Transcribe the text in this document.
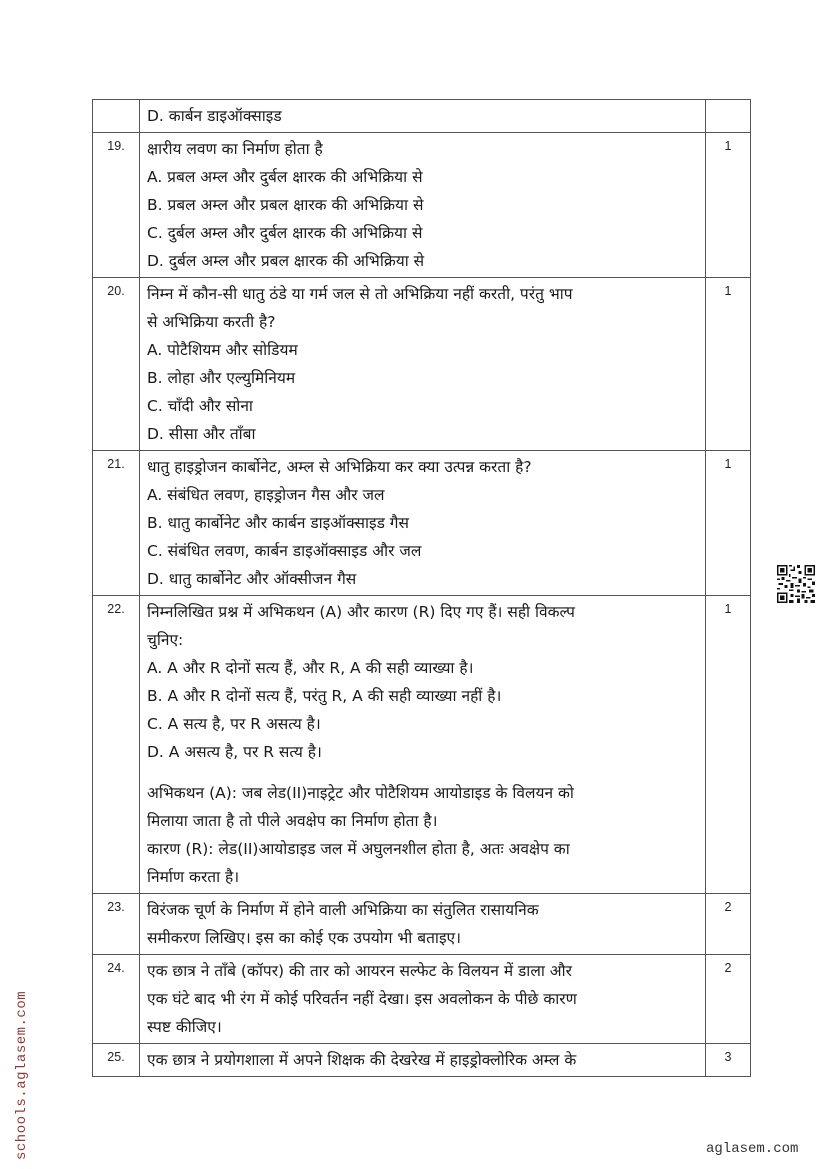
	D. कार्बन डाइऑक्साइड	

19.	क्षारीय लवण का निर्माण होता है
A. प्रबल अम्ल और दुर्बल क्षारक की अभिक्रिया से
B. प्रबल अम्ल और प्रबल क्षारक की अभिक्रिया से
C. दुर्बल अम्ल और दुर्बल क्षारक की अभिक्रिया से
D. दुर्बल अम्ल और प्रबल क्षारक की अभिक्रिया से	1
20.	निम्न में कौन-सी धातु ठंडे या गर्म जल से तो अभिक्रिया नहीं करती, परंतु भाप
से अभिक्रिया करती है?
A. पोटैशियम और सोडियम
B. लोहा और एल्युमिनियम
C. चाँदी और सोना
D. सीसा और ताँबा
	1
21.	धातु हाइड्रोजन कार्बोनेट, अम्ल से अभिक्रिया कर क्या उत्पन्न करता है?
A. संबंधित लवण, हाइड्रोजन गैस और जल
B. धातु कार्बोनेट और कार्बन डाइऑक्साइड गैस
C. संबंधित लवण, कार्बन डाइऑक्साइड और जल
D. धातु कार्बोनेट और ऑक्सीजन गैस	1
22.	निम्नलिखित प्रश्न में अभिकथन (A) और कारण (R) दिए गए हैं। सही विकल्प
चुनिए:
A. A और R दोनों सत्य हैं, और R, A की सही व्याख्या है।
B. A और R दोनों सत्य हैं, परंतु R, A की सही व्याख्या नहीं है।
C. A सत्य है, पर R असत्य है।
D. A असत्य है, पर R सत्य है।
अभिकथन (A): जब लेड(II)नाइट्रेट और पोटैशियम आयोडाइड के विलयन को
मिलाया जाता है तो पीले अवक्षेप का निर्माण होता है।
कारण (R): लेड(II)आयोडाइड जल में अघुलनशील होता है, अतः अवक्षेप का
निर्माण करता है।
	1
23.	विरंजक चूर्ण के निर्माण में होने वाली अभिक्रिया का संतुलित रासायनिक
समीकरण लिखिए। इस का कोई एक उपयोग भी बताइए।	2
24.	एक छात्र ने ताँबे (कॉपर) की तार को आयरन सल्फेट के विलयन में डाला और
एक घंटे बाद भी रंग में कोई परिवर्तन नहीं देखा। इस अवलोकन के पीछे कारण
स्पष्ट कीजिए।	2
25.	एक छात्र ने प्रयोगशाला में अपने शिक्षक की देखरेख में हाइड्रोक्लोरिक अम्ल के	3
schools.aglasem.com	aglasem.com
